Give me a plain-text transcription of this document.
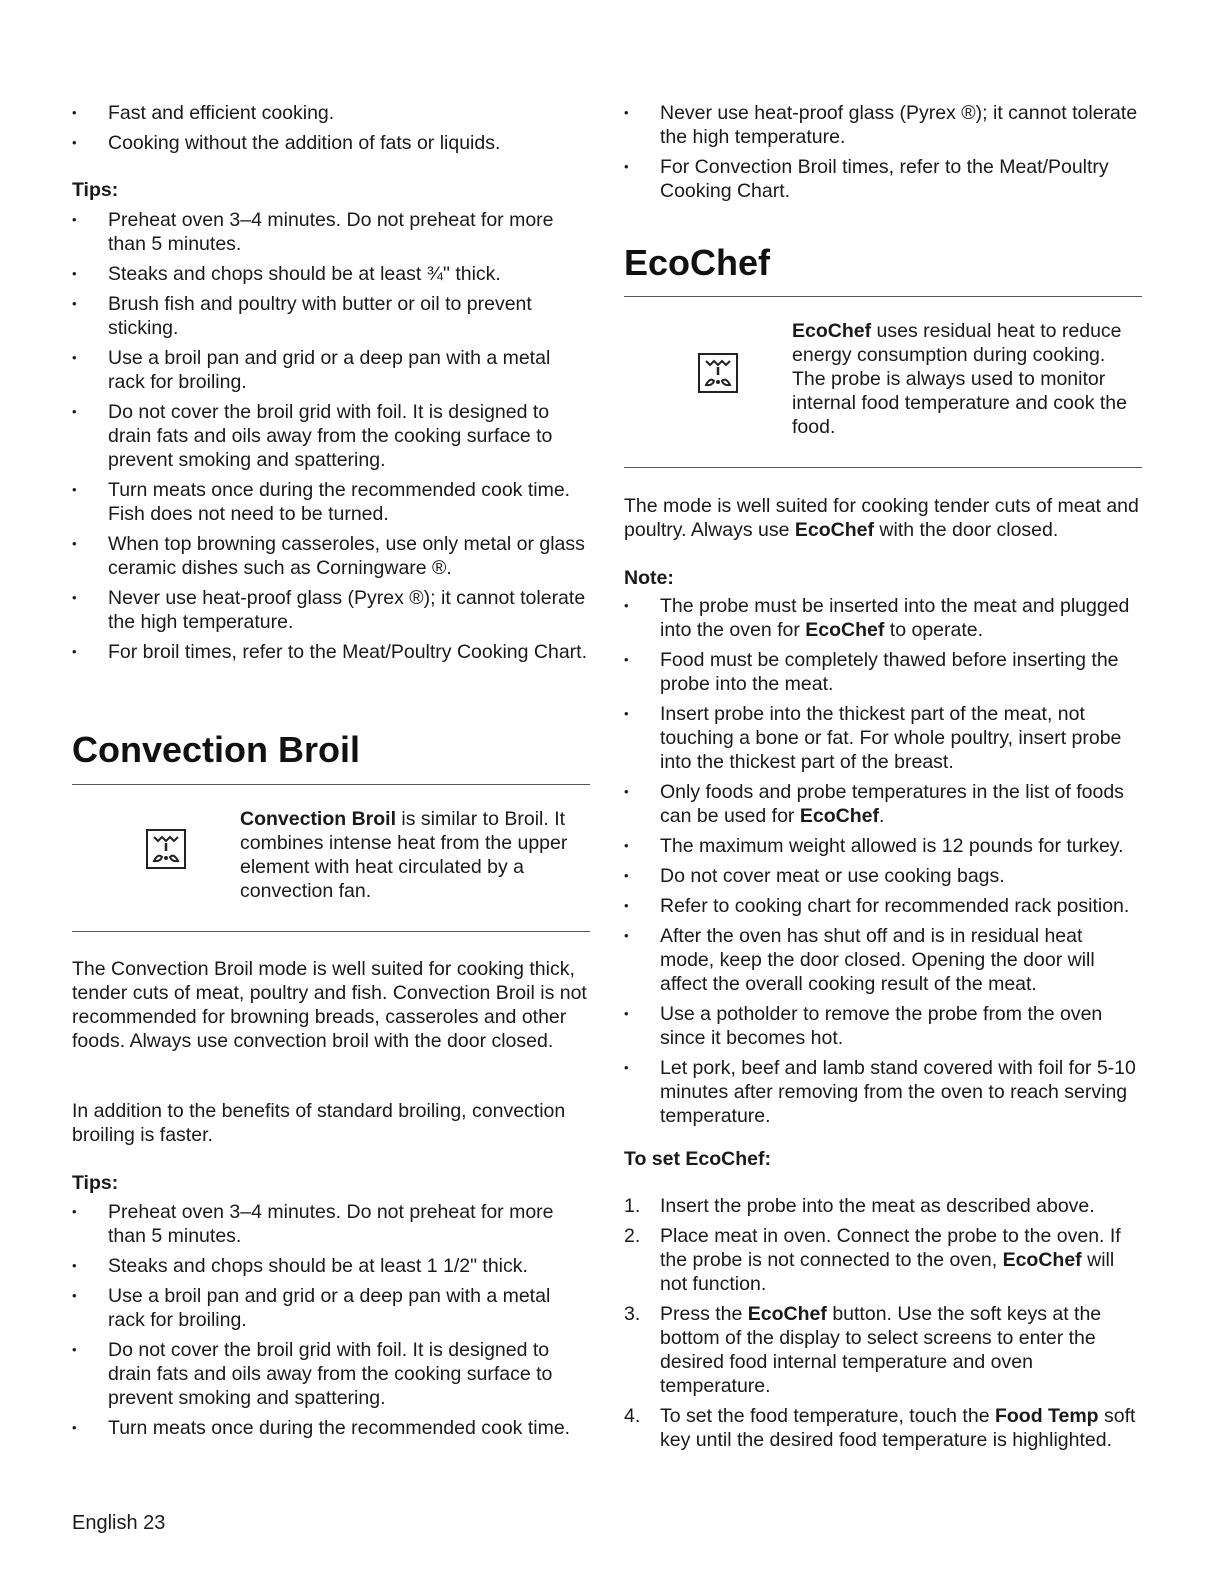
• Fast and efficient cooking.
• Cooking without the addition of fats or liquids.
Tips:
• Preheat oven 3–4 minutes. Do not preheat for more than 5 minutes.
• Steaks and chops should be at least ¾" thick.
• Brush fish and poultry with butter or oil to prevent sticking.
• Use a broil pan and grid or a deep pan with a metal rack for broiling.
• Do not cover the broil grid with foil. It is designed to drain fats and oils away from the cooking surface to prevent smoking and spattering.
• Turn meats once during the recommended cook time. Fish does not need to be turned.
• When top browning casseroles, use only metal or glass ceramic dishes such as Corningware ®.
• Never use heat-proof glass (Pyrex ®); it cannot tolerate the high temperature.
• For broil times, refer to the Meat/Poultry Cooking Chart.
Convection Broil
Convection Broil is similar to Broil. It combines intense heat from the upper element with heat circulated by a convection fan.

The Convection Broil mode is well suited for cooking thick, tender cuts of meat, poultry and fish. Convection Broil is not recommended for browning breads, casseroles and other foods. Always use convection broil with the door closed.

In addition to the benefits of standard broiling, convection broiling is faster.

Tips:
• Preheat oven 3–4 minutes. Do not preheat for more than 5 minutes.
• Steaks and chops should be at least 1 1/2" thick.
• Use a broil pan and grid or a deep pan with a metal rack for broiling.
• Do not cover the broil grid with foil. It is designed to drain fats and oils away from the cooking surface to prevent smoking and spattering.
• Turn meats once during the recommended cook time.
• Never use heat-proof glass (Pyrex ®); it cannot tolerate the high temperature.
• For Convection Broil times, refer to the Meat/Poultry Cooking Chart.
EcoChef
EcoChef uses residual heat to reduce energy consumption during cooking. The probe is always used to monitor internal food temperature and cook the food.

The mode is well suited for cooking tender cuts of meat and poultry. Always use EcoChef with the door closed.

Note:
• The probe must be inserted into the meat and plugged into the oven for EcoChef to operate.
• Food must be completely thawed before inserting the probe into the meat.
• Insert probe into the thickest part of the meat, not touching a bone or fat. For whole poultry, insert probe into the thickest part of the breast.
• Only foods and probe temperatures in the list of foods can be used for EcoChef.
• The maximum weight allowed is 12 pounds for turkey.
• Do not cover meat or use cooking bags.
• Refer to cooking chart for recommended rack position.
• After the oven has shut off and is in residual heat mode, keep the door closed. Opening the door will affect the overall cooking result of the meat.
• Use a potholder to remove the probe from the oven since it becomes hot.
• Let pork, beef and lamb stand covered with foil for 5-10 minutes after removing from the oven to reach serving temperature.
To set EcoChef:
1. Insert the probe into the meat as described above.
2. Place meat in oven. Connect the probe to the oven. If the probe is not connected to the oven, EcoChef will not function.
3. Press the EcoChef button. Use the soft keys at the bottom of the display to select screens to enter the desired food internal temperature and oven temperature.
4. To set the food temperature, touch the Food Temp soft key until the desired food temperature is highlighted.
English 23
